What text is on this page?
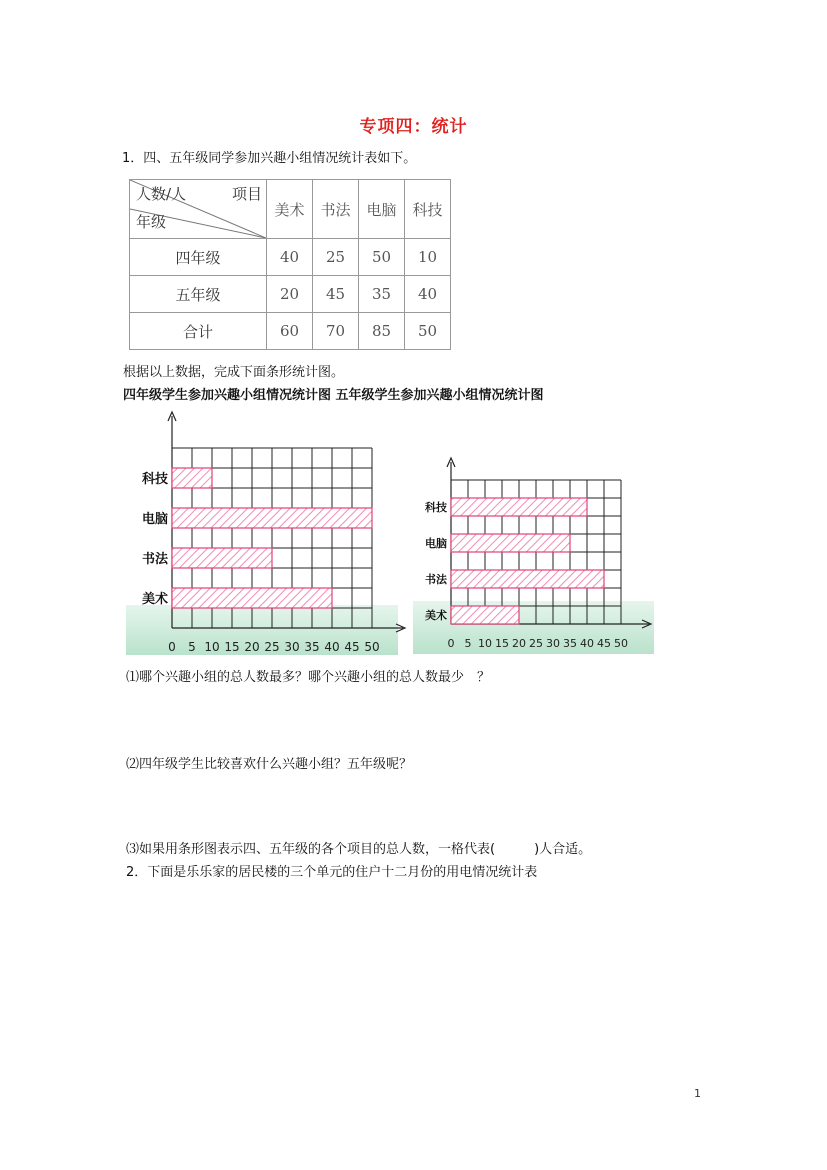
专项四：统计
1．四、五年级同学参加兴趣小组情况统计表如下。
人数/人 项目
年级	美术	书法	电脑	科技
四年级	40	25	50	10
五年级	20	45	35	40
合计	60	70	85	50
根据以上数据，完成下面条形统计图。
四年级学生参加兴趣小组情况统计图 五年级学生参加兴趣小组情况统计图
科技
电脑
书法
美术
0 5 10 15 20 25 30 35 40 45 50
科技
电脑
书法
美术
0 5 10 15 20 25 30 35 40 45 50
⑴哪个兴趣小组的总人数最多？哪个兴趣小组的总人数最少　？
⑵四年级学生比较喜欢什么兴趣小组？五年级呢？
⑶如果用条形图表示四、五年级的各个项目的总人数，一格代表(　　　)人合适。
2．下面是乐乐家的居民楼的三个单元的住户十二月份的用电情况统计表
1
